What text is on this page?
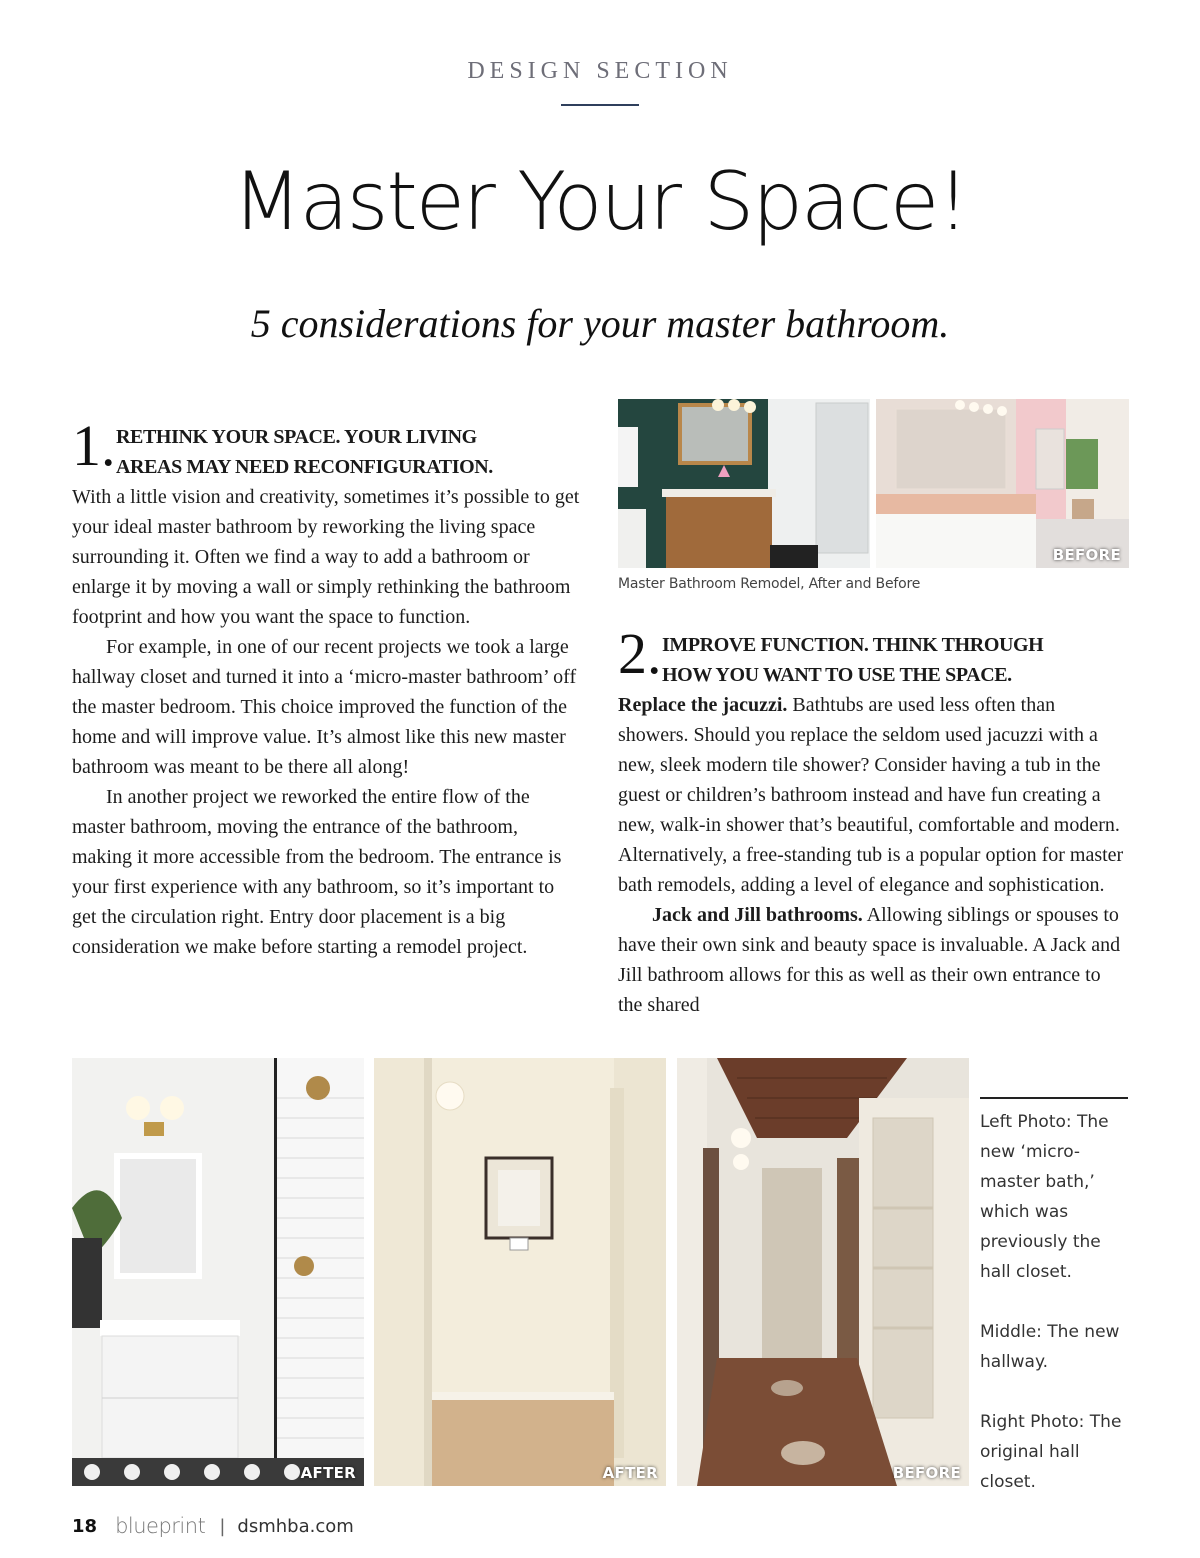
DESIGN SECTION
Master Your Space!
5 considerations for your master bathroom.
1. RETHINK YOUR SPACE. YOUR LIVING
AREAS MAY NEED RECONFIGURATION.

With a little vision and creativity, sometimes it’s possible to get your ideal master bathroom by reworking the living space surrounding it. Often we find a way to add a bathroom or enlarge it by moving a wall or simply rethinking the bathroom footprint and how you want the space to function.

For example, in one of our recent projects we took a large hallway closet and turned it into a ‘micro-master bathroom’ off the master bedroom. This choice improved the function of the home and will improve value. It’s almost like this new master bathroom was meant to be there all along!

In another project we reworked the entire flow of the master bathroom, moving the entrance of the bathroom, making it more accessible from the bedroom. The entrance is your first experience with any bathroom, so it’s important to get the circulation right. Entry door placement is a big consideration we make before starting a remodel project.

BEFORE
Master Bathroom Remodel, After and Before
2. IMPROVE FUNCTION. THINK THROUGH
HOW YOU WANT TO USE THE SPACE.

Replace the jacuzzi. Bathtubs are used less often than showers. Should you replace the seldom used jacuzzi with a new, sleek modern tile shower? Consider having a tub in the guest or children’s bathroom instead and have fun creating a new, walk-in shower that’s beautiful, comfortable and modern. Alternatively, a free-standing tub is a popular option for master bath remodels, adding a level of elegance and sophistication.

Jack and Jill bathrooms. Allowing siblings or spouses to have their own sink and beauty space is invaluable. A Jack and Jill bathroom allows for this as well as their own entrance to the shared

AFTER	AFTER	BEFORE

Left Photo: The new ‘micro-master bath,’ which was previously the hall closet.

Middle: The new hallway.

Right Photo: The original hall closet.

18 blueprint | dsmhba.com
